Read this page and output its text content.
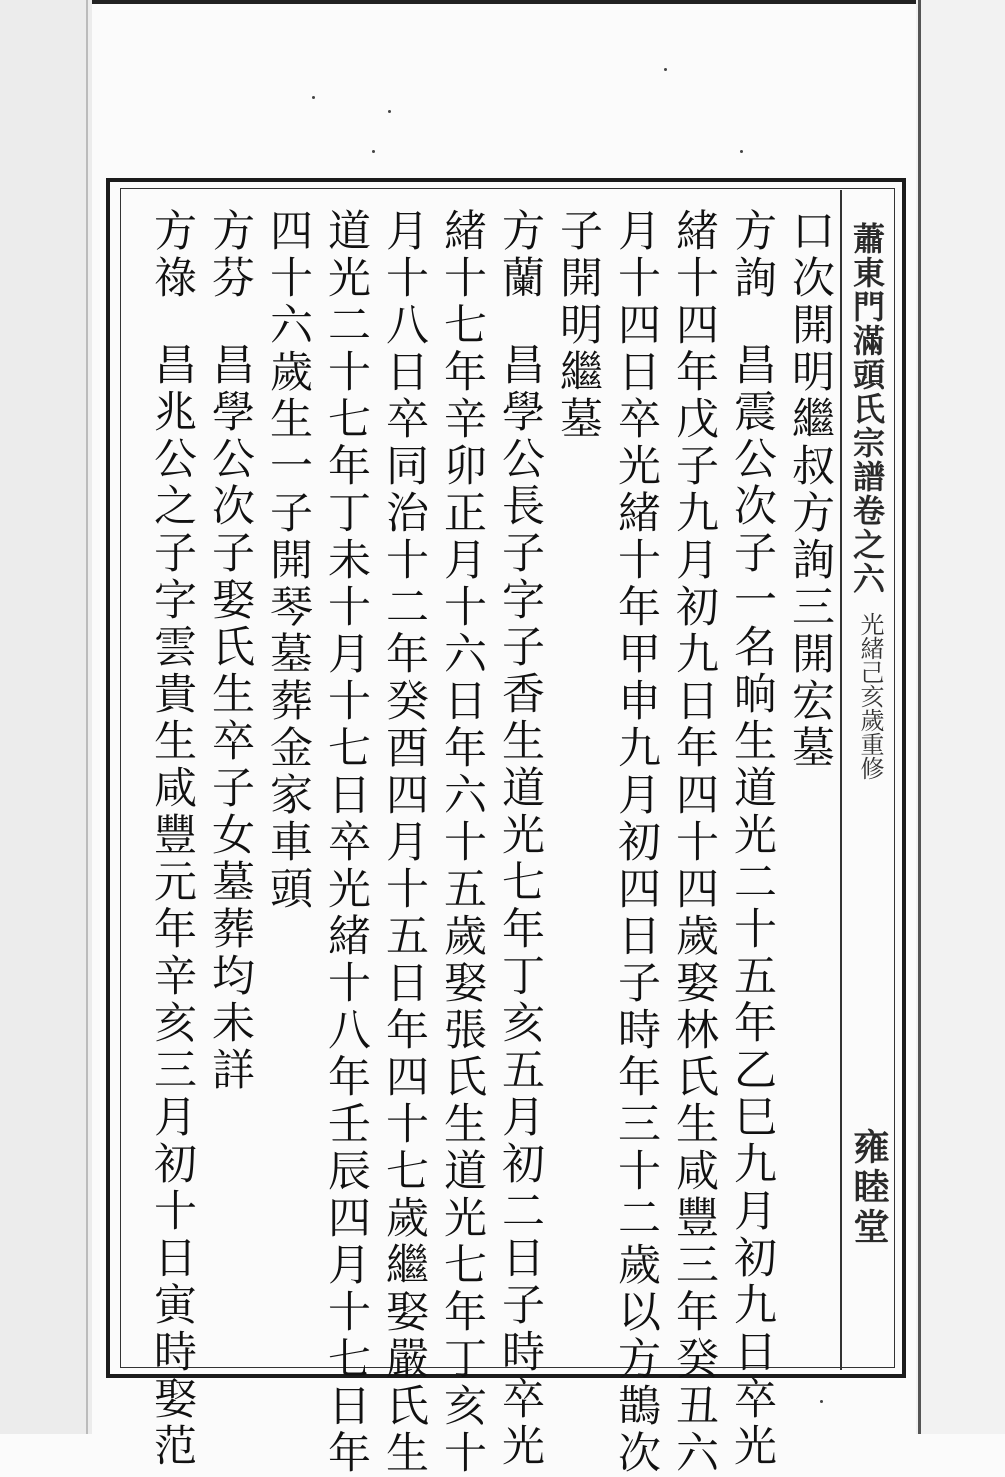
蕭東門滿頭氏宗譜卷之六
光緒己亥歲重修
雍睦堂
口次開明繼叔方詢三開宏墓
方詢昌震公次子一名晌生道光二十五年乙巳九月初九日卒光
緒十四年戊子九月初九日年四十四歲娶林氏生咸豐三年癸丑六
月十四日卒光緒十年甲申九月初四日子時年三十二歲以方鵲次
子開明繼墓
方蘭昌學公長子字子香生道光七年丁亥五月初二日子時卒光
緒十七年辛卯正月十六日年六十五歲娶張氏生道光七年丁亥十
月十八日卒同治十二年癸酉四月十五日年四十七歲繼娶嚴氏生
道光二十七年丁未十月十七日卒光緒十八年壬辰四月十七日年
四十六歲生一子開琴墓葬金家車頭
方芬昌學公次子娶氏生卒子女墓葬均未詳
方祿昌兆公之子字雲貴生咸豐元年辛亥三月初十日寅時娶范
